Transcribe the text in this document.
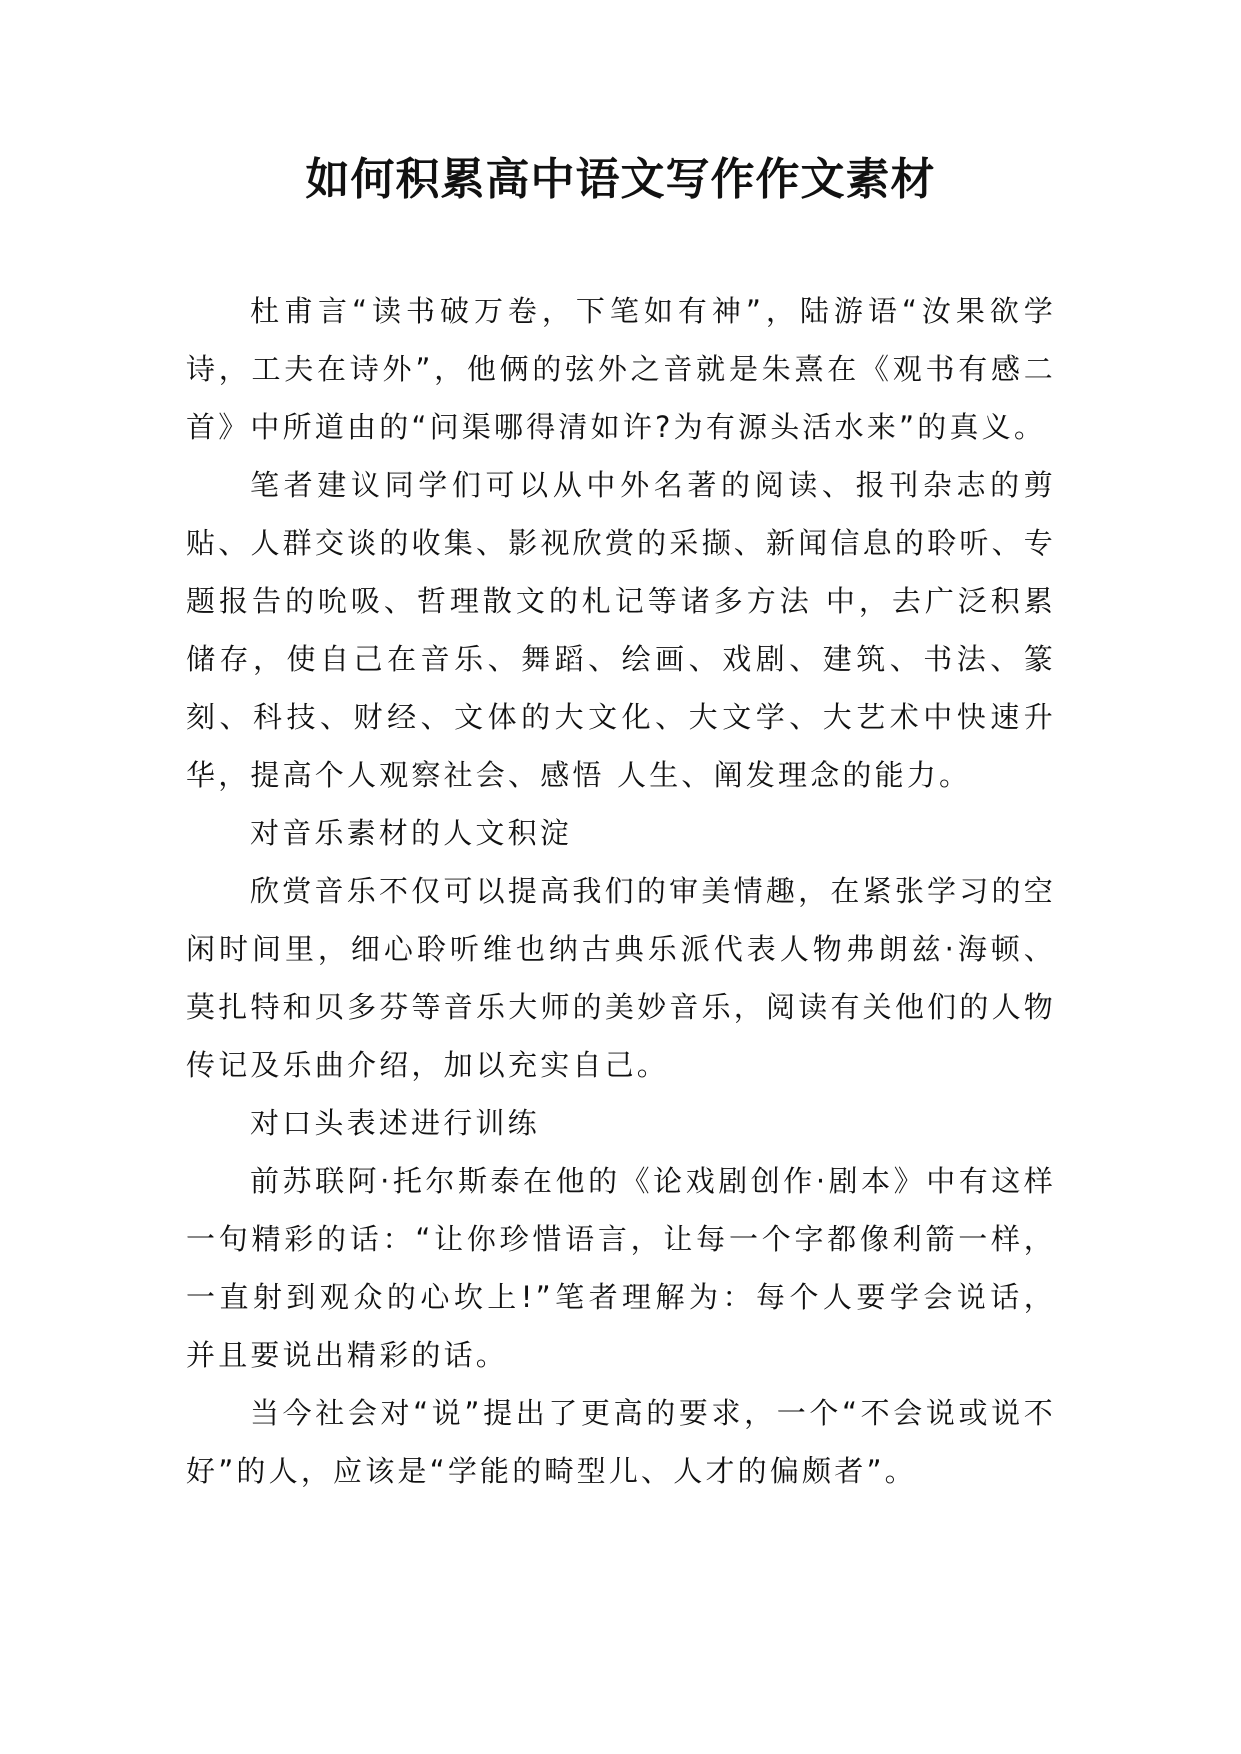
如何积累高中语文写作作文素材

杜甫言“读书破万卷，下笔如有神”，陆游语“汝果欲学诗，工夫在诗外”，他俩的弦外之音就是朱熹在《观书有感二首》中所道由的“问渠哪得清如许?为有源头活水来”的真义。

笔者建议同学们可以从中外名著的阅读、报刊杂志的剪贴、人群交谈的收集、影视欣赏的采撷、新闻信息的聆听、专题报告的吮吸、哲理散文的札记等诸多方法 中，去广泛积累储存，使自己在音乐、舞蹈、绘画、戏剧、建筑、书法、篆刻、科技、财经、文体的大文化、大文学、大艺术中快速升华，提高个人观察社会、感悟 人生、阐发理念的能力。

对音乐素材的人文积淀

欣赏音乐不仅可以提高我们的审美情趣，在紧张学习的空闲时间里，细心聆听维也纳古典乐派代表人物弗朗兹·海顿、莫扎特和贝多芬等音乐大师的美妙音乐，阅读有关他们的人物传记及乐曲介绍，加以充实自己。

对口头表述进行训练

前苏联阿·托尔斯泰在他的《论戏剧创作·剧本》中有这样一句精彩的话：“让你珍惜语言，让每一个字都像利箭一样，一直射到观众的心坎上!”笔者理解为：每个人要学会说话，并且要说出精彩的话。

当今社会对“说”提出了更高的要求，一个“不会说或说不好”的人，应该是“学能的畸型儿、人才的偏颇者”。
